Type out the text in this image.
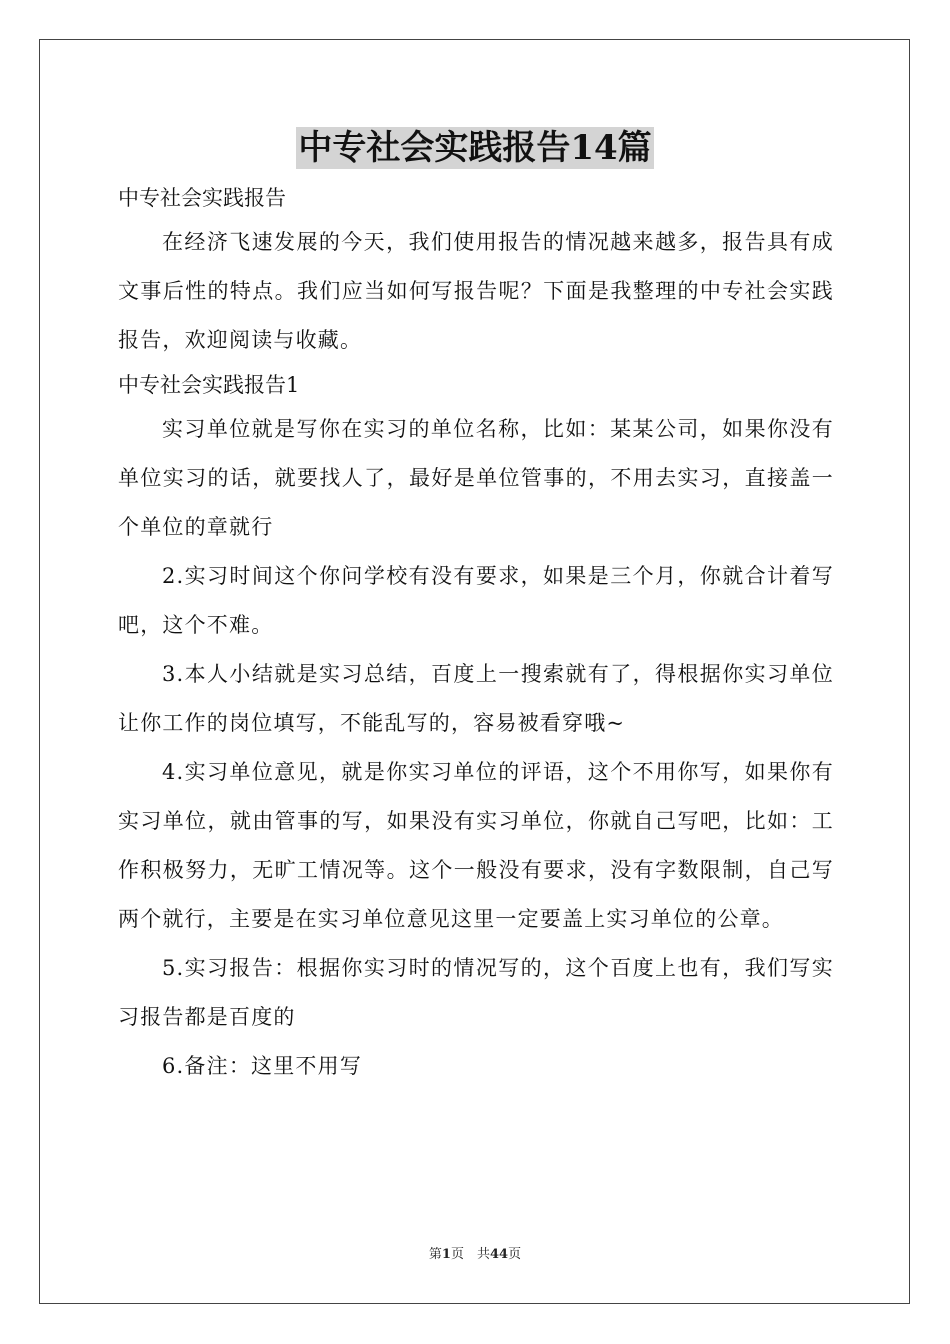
中专社会实践报告14篇

中专社会实践报告

在经济飞速发展的今天，我们使用报告的情况越来越多，报告具有成文事后性的特点。我们应当如何写报告呢？下面是我整理的中专社会实践报告，欢迎阅读与收藏。

中专社会实践报告1

实习单位就是写你在实习的单位名称，比如：某某公司，如果你没有单位实习的话，就要找人了，最好是单位管事的，不用去实习，直接盖一个单位的章就行

2.实习时间这个你问学校有没有要求，如果是三个月，你就合计着写吧，这个不难。

3.本人小结就是实习总结，百度上一搜索就有了，得根据你实习单位让你工作的岗位填写，不能乱写的，容易被看穿哦~

4.实习单位意见，就是你实习单位的评语，这个不用你写，如果你有实习单位，就由管事的写，如果没有实习单位，你就自己写吧，比如：工作积极努力，无旷工情况等。这个一般没有要求，没有字数限制，自己写两个就行，主要是在实习单位意见这里一定要盖上实习单位的公章。

5.实习报告：根据你实习时的情况写的，这个百度上也有，我们写实习报告都是百度的

6.备注：这里不用写

第1页　共44页
